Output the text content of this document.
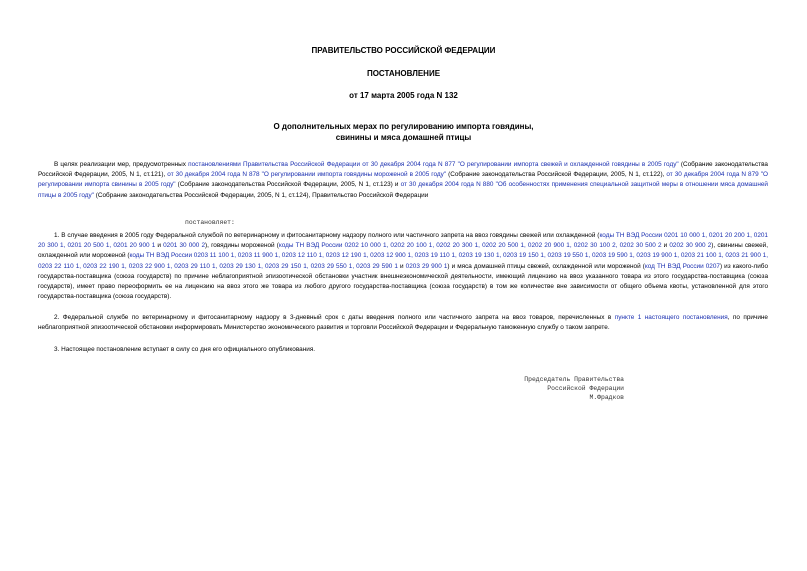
ПРАВИТЕЛЬСТВО РОССИЙСКОЙ ФЕДЕРАЦИИ
ПОСТАНОВЛЕНИЕ
от 17 марта 2005 года N 132
О дополнительных мерах по регулированию импорта говядины,
свинины и мяса домашней птицы
В целях реализации мер, предусмотренных постановлениями Правительства Российской Федерации от 30 декабря 2004 года N 877 "О регулировании импорта свежей и охлажденной говядины в 2005 году" (Собрание законодательства Российской Федерации, 2005, N 1, ст.121), от 30 декабря 2004 года N 878 "О регулировании импорта говядины мороженой в 2005 году" (Собрание законодательства Российской Федерации, 2005, N 1, ст.122), от 30 декабря 2004 года N 879 "О регулировании импорта свинины в 2005 году" (Собрание законодательства Российской Федерации, 2005, N 1, ст.123) и от 30 декабря 2004 года N 880 "Об особенностях применения специальной защитной меры в отношении мяса домашней птицы в 2005 году" (Собрание законодательства Российской Федерации, 2005, N 1, ст.124), Правительство Российской Федерации
постановляет:
1. В случае введения в 2005 году Федеральной службой по ветеринарному и фитосанитарному надзору полного или частичного запрета на ввоз говядины свежей или охлажденной (коды ТН ВЭД России 0201 10 000 1, 0201 20 200 1, 0201 20 300 1, 0201 20 500 1, 0201 20 900 1 и 0201 30 000 2), говядины мороженой (коды ТН ВЭД России 0202 10 000 1, 0202 20 100 1, 0202 20 300 1, 0202 20 500 1, 0202 20 900 1, 0202 30 100 2, 0202 30 500 2 и 0202 30 900 2), свинины свежей, охлажденной или мороженой (коды ТН ВЭД России 0203 11 100 1, 0203 11 900 1, 0203 12 110 1, 0203 12 190 1, 0203 12 900 1, 0203 19 110 1, 0203 19 130 1, 0203 19 150 1, 0203 19 550 1, 0203 19 590 1, 0203 19 900 1, 0203 21 100 1, 0203 21 900 1, 0203 22 110 1, 0203 22 190 1, 0203 22 900 1, 0203 29 110 1, 0203 29 130 1, 0203 29 150 1, 0203 29 550 1, 0203 29 590 1 и 0203 29 900 1) и мяса домашней птицы свежей, охлажденной или мороженой (код ТН ВЭД России 0207) из какого-либо государства-поставщика (союза государств) по причине неблагоприятной эпизоотической обстановки участник внешнеэкономической деятельности, имеющий лицензию на ввоз указанного товара из этого государства-поставщика (союза государств), имеет право переоформить ее на лицензию на ввоз этого же товара из любого другого государства-поставщика (союза государств) в том же количестве вне зависимости от общего объема квоты, установленной для этого государства-поставщика (союза государств).
2. Федеральной службе по ветеринарному и фитосанитарному надзору в 3-дневный срок с даты введения полного или частичного запрета на ввоз товаров, перечисленных в пункте 1 настоящего постановления, по причине неблагоприятной эпизоотической обстановки информировать Министерство экономического развития и торговли Российской Федерации и Федеральную таможенную службу о таком запрете.
3. Настоящее постановление вступает в силу со дня его официального опубликования.
Председатель Правительства
Российской Федерации
М.Фрадков
